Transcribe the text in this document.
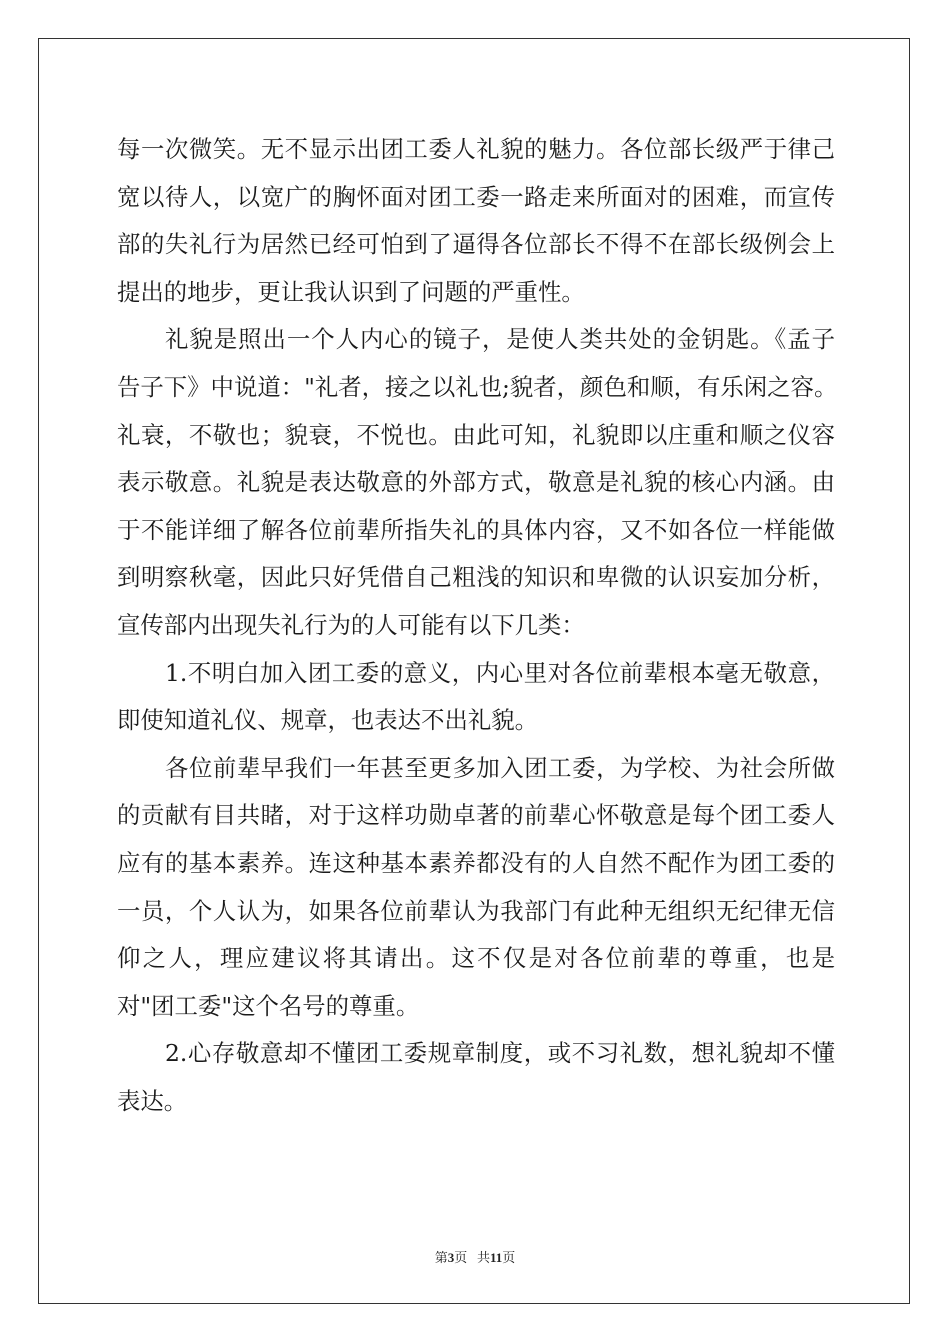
每一次微笑。无不显示出团工委人礼貌的魅力。各位部长级严于律己
宽以待人，以宽广的胸怀面对团工委一路走来所面对的困难，而宣传
部的失礼行为居然已经可怕到了逼得各位部长不得不在部长级例会上
提出的地步，更让我认识到了问题的严重性。
礼貌是照出一个人内心的镜子，是使人类共处的金钥匙。《孟子
告子下》中说道："礼者，接之以礼也;貌者，颜色和顺，有乐闲之容。
礼衰，不敬也；貌衰，不悦也。由此可知，礼貌即以庄重和顺之仪容
表示敬意。礼貌是表达敬意的外部方式，敬意是礼貌的核心内涵。由
于不能详细了解各位前辈所指失礼的具体内容，又不如各位一样能做
到明察秋毫，因此只好凭借自己粗浅的知识和卑微的认识妄加分析，
宣传部内出现失礼行为的人可能有以下几类：
1.不明白加入团工委的意义，内心里对各位前辈根本毫无敬意，
即使知道礼仪、规章，也表达不出礼貌。
各位前辈早我们一年甚至更多加入团工委，为学校、为社会所做
的贡献有目共睹，对于这样功勋卓著的前辈心怀敬意是每个团工委人
应有的基本素养。连这种基本素养都没有的人自然不配作为团工委的
一员，个人认为，如果各位前辈认为我部门有此种无组织无纪律无信
仰之人，理应建议将其请出。这不仅是对各位前辈的尊重，也是
对"团工委"这个名号的尊重。
2.心存敬意却不懂团工委规章制度，或不习礼数，想礼貌却不懂
表达。
第3页 共11页
